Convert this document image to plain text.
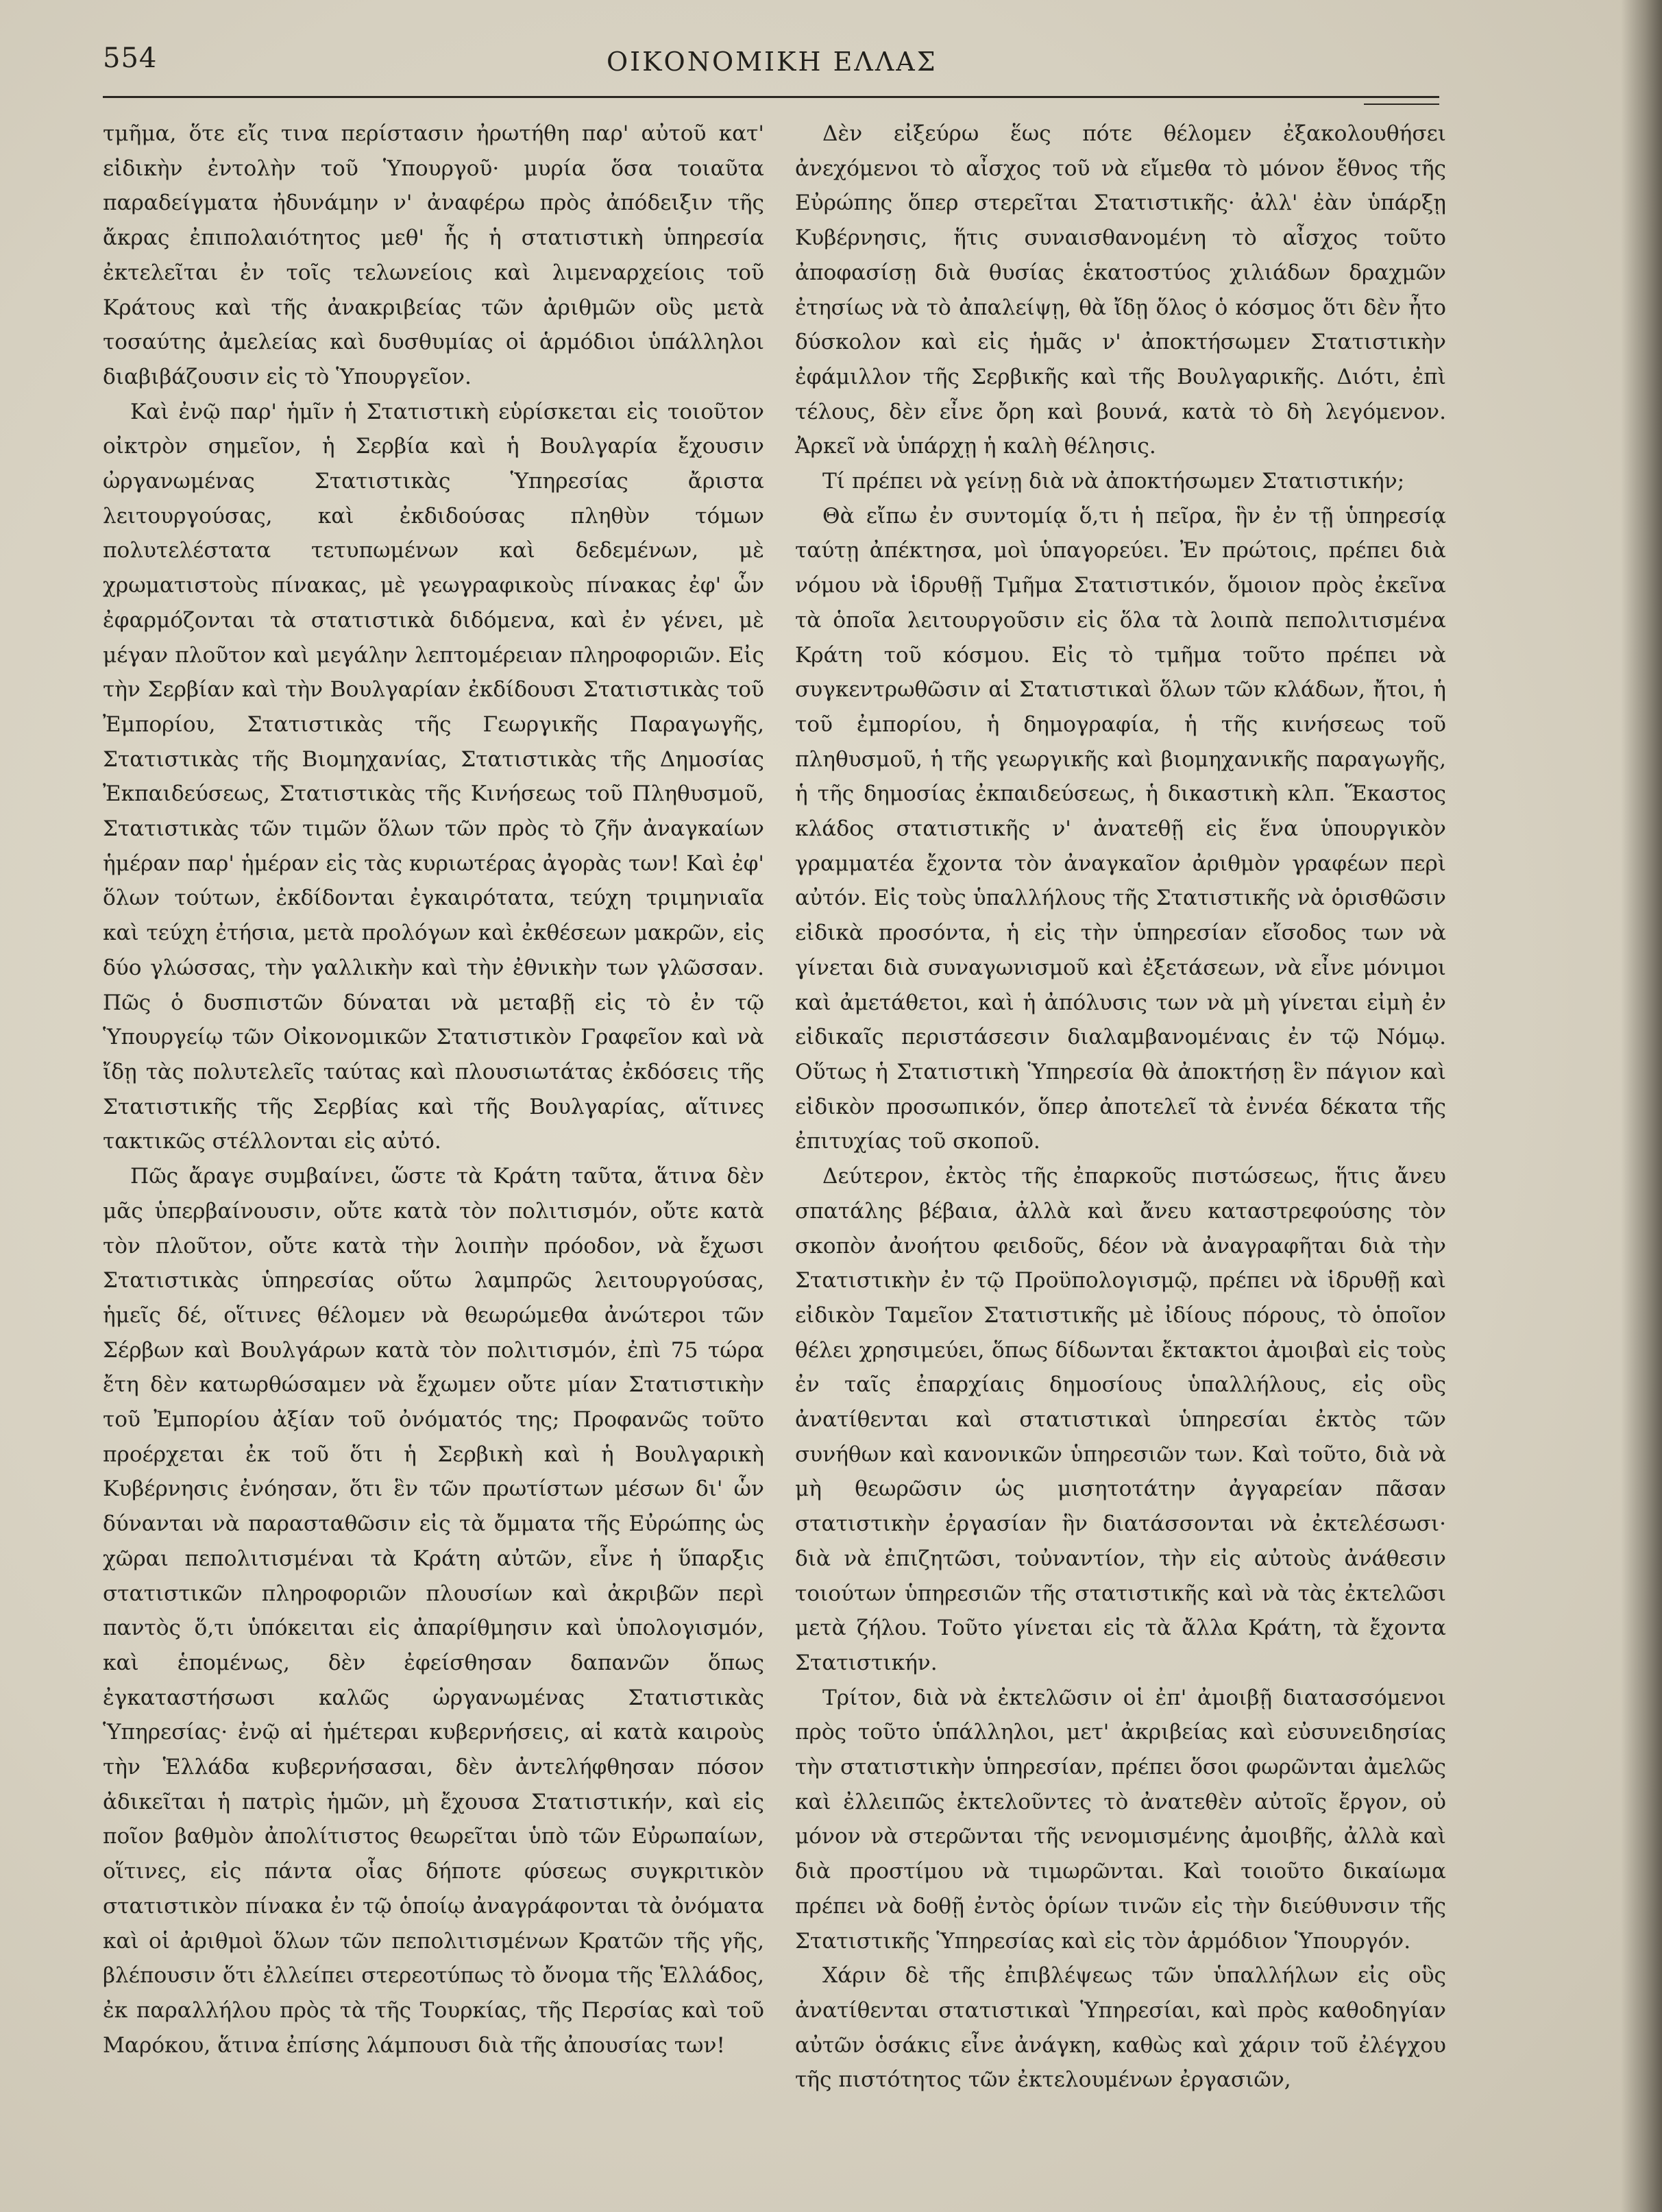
554	ΟΙΚΟΝΟΜΙΚΗ ΕΛΛΑΣ

τμῆμα, ὅτε εἴς τινα περίστασιν ἠρωτήθη παρ' αὐτοῦ κατ' εἰδικὴν ἐντολὴν τοῦ Ὑπουργοῦ· μυρία ὅσα τοιαῦτα παραδείγματα ἠδυνάμην ν' ἀναφέρω πρὸς ἀπόδειξιν τῆς ἄκρας ἐπιπολαιότητος μεθ' ἧς ἡ στατιστικὴ ὑπηρεσία ἐκτελεῖται ἐν τοῖς τελωνείοις καὶ λιμεναρχείοις τοῦ Κράτους καὶ τῆς ἀνακριβείας τῶν ἀριθμῶν οὓς μετὰ τοσαύτης ἀμελείας καὶ δυσθυμίας οἱ ἁρμόδιοι ὑπάλληλοι διαβιβάζουσιν εἰς τὸ Ὑπουργεῖον.

Καὶ ἐνῷ παρ' ἡμῖν ἡ Στατιστικὴ εὑρίσκεται εἰς τοιοῦτον οἰκτρὸν σημεῖον, ἡ Σερβία καὶ ἡ Βουλγαρία ἔχουσιν ὠργανωμένας Στατιστικὰς Ὑπηρεσίας ἄριστα λειτουργούσας, καὶ ἐκδιδούσας πληθὺν τόμων πολυτελέστατα τετυπωμένων καὶ δεδεμένων, μὲ χρωματιστοὺς πίνακας, μὲ γεωγραφικοὺς πίνακας ἐφ' ὧν ἐφαρμόζονται τὰ στατιστικὰ διδόμενα, καὶ ἐν γένει, μὲ μέγαν πλοῦτον καὶ μεγάλην λεπτομέρειαν πληροφοριῶν. Εἰς τὴν Σερβίαν καὶ τὴν Βουλγαρίαν ἐκδίδουσι Στατιστικὰς τοῦ Ἐμπορίου, Στατιστικὰς τῆς Γεωργικῆς Παραγωγῆς, Στατιστικὰς τῆς Βιομηχανίας, Στατιστικὰς τῆς Δημοσίας Ἐκπαιδεύσεως, Στατιστικὰς τῆς Κινήσεως τοῦ Πληθυσμοῦ, Στατιστικὰς τῶν τιμῶν ὅλων τῶν πρὸς τὸ ζῆν ἀναγκαίων ἡμέραν παρ' ἡμέραν εἰς τὰς κυριωτέρας ἀγορὰς των! Καὶ ἐφ' ὅλων τούτων, ἐκδίδονται ἐγκαιρότατα, τεύχη τριμηνιαῖα καὶ τεύχη ἐτήσια, μετὰ προλόγων καὶ ἐκθέσεων μακρῶν, εἰς δύο γλώσσας, τὴν γαλλικὴν καὶ τὴν ἐθνικὴν των γλῶσσαν. Πῶς ὁ δυσπιστῶν δύναται νὰ μεταβῇ εἰς τὸ ἐν τῷ Ὑπουργείῳ τῶν Οἰκονομικῶν Στατιστικὸν Γραφεῖον καὶ νὰ ἴδῃ τὰς πολυτελεῖς ταύτας καὶ πλουσιωτάτας ἐκδόσεις τῆς Στατιστικῆς τῆς Σερβίας καὶ τῆς Βουλγαρίας, αἵτινες τακτικῶς στέλλονται εἰς αὐτό.

Πῶς ἄραγε συμβαίνει, ὥστε τὰ Κράτη ταῦτα, ἅτινα δὲν μᾶς ὑπερβαίνουσιν, οὔτε κατὰ τὸν πολιτισμόν, οὔτε κατὰ τὸν πλοῦτον, οὔτε κατὰ τὴν λοιπὴν πρόοδον, νὰ ἔχωσι Στατιστικὰς ὑπηρεσίας οὕτω λαμπρῶς λειτουργούσας, ἡμεῖς δέ, οἵτινες θέλομεν νὰ θεωρώμεθα ἀνώτεροι τῶν Σέρβων καὶ Βουλγάρων κατὰ τὸν πολιτισμόν, ἐπὶ 75 τώρα ἔτη δὲν κατωρθώσαμεν νὰ ἔχωμεν οὔτε μίαν Στατιστικὴν τοῦ Ἐμπορίου ἀξίαν τοῦ ὀνόματός της; Προφανῶς τοῦτο προέρχεται ἐκ τοῦ ὅτι ἡ Σερβικὴ καὶ ἡ Βουλγαρικὴ Κυβέρνησις ἐνόησαν, ὅτι ἓν τῶν πρωτίστων μέσων δι' ὧν δύνανται νὰ παρασταθῶσιν εἰς τὰ ὄμματα τῆς Εὐρώπης ὡς χῶραι πεπολιτισμέναι τὰ Κράτη αὐτῶν, εἶνε ἡ ὕπαρξις στατιστικῶν πληροφοριῶν πλουσίων καὶ ἀκριβῶν περὶ παντὸς ὅ,τι ὑπόκειται εἰς ἀπαρίθμησιν καὶ ὑπολογισμόν, καὶ ἑπομένως, δὲν ἐφείσθησαν δαπανῶν ὅπως ἐγκαταστήσωσι καλῶς ὠργανωμένας Στατιστικὰς Ὑπηρεσίας· ἐνῷ αἱ ἡμέτεραι κυβερνήσεις, αἱ κατὰ καιροὺς τὴν Ἑλλάδα κυβερνήσασαι, δὲν ἀντελήφθησαν πόσον ἀδικεῖται ἡ πατρὶς ἡμῶν, μὴ ἔχουσα Στατιστικήν, καὶ εἰς ποῖον βαθμὸν ἀπολίτιστος θεωρεῖται ὑπὸ τῶν Εὐρωπαίων, οἵτινες, εἰς πάντα οἷας δήποτε φύσεως συγκριτικὸν στατιστικὸν πίνακα ἐν τῷ ὁποίῳ ἀναγράφονται τὰ ὀνόματα καὶ οἱ ἀριθμοὶ ὅλων τῶν πεπολιτισμένων Κρατῶν τῆς γῆς, βλέπουσιν ὅτι ἐλλείπει στερεοτύπως τὸ ὄνομα τῆς Ἑλλάδος, ἐκ παραλλήλου πρὸς τὰ τῆς Τουρκίας, τῆς Περσίας καὶ τοῦ Μαρόκου, ἅτινα ἐπίσης λάμπουσι διὰ τῆς ἀπουσίας των!

Δὲν εἰξεύρω ἕως πότε θέλομεν ἐξακολουθήσει ἀνεχόμενοι τὸ αἶσχος τοῦ νὰ εἴμεθα τὸ μόνον ἔθνος τῆς Εὐρώπης ὅπερ στερεῖται Στατιστικῆς· ἀλλ' ἐὰν ὑπάρξῃ Κυβέρνησις, ἥτις συναισθανομένη τὸ αἶσχος τοῦτο ἀποφασίσῃ διὰ θυσίας ἑκατοστύος χιλιάδων δραχμῶν ἐτησίως νὰ τὸ ἀπαλείψῃ, θὰ ἴδῃ ὅλος ὁ κόσμος ὅτι δὲν ἦτο δύσκολον καὶ εἰς ἡμᾶς ν' ἀποκτήσωμεν Στατιστικὴν ἐφάμιλλον τῆς Σερβικῆς καὶ τῆς Βουλγαρικῆς. Διότι, ἐπὶ τέλους, δὲν εἶνε ὄρη καὶ βουνά, κατὰ τὸ δὴ λεγόμενον. Ἀρκεῖ νὰ ὑπάρχῃ ἡ καλὴ θέλησις.

Τί πρέπει νὰ γείνῃ διὰ νὰ ἀποκτήσωμεν Στατιστικήν;

Θὰ εἴπω ἐν συντομίᾳ ὅ,τι ἡ πεῖρα, ἣν ἐν τῇ ὑπηρεσίᾳ ταύτῃ ἀπέκτησα, μοὶ ὑπαγορεύει. Ἐν πρώτοις, πρέπει διὰ νόμου νὰ ἱδρυθῇ Τμῆμα Στατιστικόν, ὅμοιον πρὸς ἐκεῖνα τὰ ὁποῖα λειτουργοῦσιν εἰς ὅλα τὰ λοιπὰ πεπολιτισμένα Κράτη τοῦ κόσμου. Εἰς τὸ τμῆμα τοῦτο πρέπει νὰ συγκεντρωθῶσιν αἱ Στατιστικαὶ ὅλων τῶν κλάδων, ἤτοι, ἡ τοῦ ἐμπορίου, ἡ δημογραφία, ἡ τῆς κινήσεως τοῦ πληθυσμοῦ, ἡ τῆς γεωργικῆς καὶ βιομηχανικῆς παραγωγῆς, ἡ τῆς δημοσίας ἐκπαιδεύσεως, ἡ δικαστικὴ κλπ. Ἕκαστος κλάδος στατιστικῆς ν' ἀνατεθῇ εἰς ἕνα ὑπουργικὸν γραμματέα ἔχοντα τὸν ἀναγκαῖον ἀριθμὸν γραφέων περὶ αὐτόν. Εἰς τοὺς ὑπαλλήλους τῆς Στατιστικῆς νὰ ὁρισθῶσιν εἰδικὰ προσόντα, ἡ εἰς τὴν ὑπηρεσίαν εἴσοδος των νὰ γίνεται διὰ συναγωνισμοῦ καὶ ἐξετάσεων, νὰ εἶνε μόνιμοι καὶ ἀμετάθετοι, καὶ ἡ ἀπόλυσις των νὰ μὴ γίνεται εἰμὴ ἐν εἰδικαῖς περιστάσεσιν διαλαμβανομέναις ἐν τῷ Νόμῳ. Οὕτως ἡ Στατιστικὴ Ὑπηρεσία θὰ ἀποκτήσῃ ἓν πάγιον καὶ εἰδικὸν προσωπικόν, ὅπερ ἀποτελεῖ τὰ ἐννέα δέκατα τῆς ἐπιτυχίας τοῦ σκοποῦ.

Δεύτερον, ἐκτὸς τῆς ἐπαρκοῦς πιστώσεως, ἥτις ἄνευ σπατάλης βέβαια, ἀλλὰ καὶ ἄνευ καταστρεφούσης τὸν σκοπὸν ἀνοήτου φειδοῦς, δέον νὰ ἀναγραφῆται διὰ τὴν Στατιστικὴν ἐν τῷ Προϋπολογισμῷ, πρέπει νὰ ἱδρυθῇ καὶ εἰδικὸν Ταμεῖον Στατιστικῆς μὲ ἰδίους πόρους, τὸ ὁποῖον θέλει χρησιμεύει, ὅπως δίδωνται ἔκτακτοι ἀμοιβαὶ εἰς τοὺς ἐν ταῖς ἐπαρχίαις δημοσίους ὑπαλλήλους, εἰς οὓς ἀνατίθενται καὶ στατιστικαὶ ὑπηρεσίαι ἐκτὸς τῶν συνήθων καὶ κανονικῶν ὑπηρεσιῶν των. Καὶ τοῦτο, διὰ νὰ μὴ θεωρῶσιν ὡς μισητοτάτην ἀγγαρείαν πᾶσαν στατιστικὴν ἐργασίαν ἣν διατάσσονται νὰ ἐκτελέσωσι· διὰ νὰ ἐπιζητῶσι, τοὐναντίον, τὴν εἰς αὐτοὺς ἀνάθεσιν τοιούτων ὑπηρεσιῶν τῆς στατιστικῆς καὶ νὰ τὰς ἐκτελῶσι μετὰ ζήλου. Τοῦτο γίνεται εἰς τὰ ἄλλα Κράτη, τὰ ἔχοντα Στατιστικήν.

Τρίτον, διὰ νὰ ἐκτελῶσιν οἱ ἐπ' ἀμοιβῇ διατασσόμενοι πρὸς τοῦτο ὑπάλληλοι, μετ' ἀκριβείας καὶ εὐσυνειδησίας τὴν στατιστικὴν ὑπηρεσίαν, πρέπει ὅσοι φωρῶνται ἀμελῶς καὶ ἐλλειπῶς ἐκτελοῦντες τὸ ἀνατεθὲν αὐτοῖς ἔργον, οὐ μόνον νὰ στερῶνται τῆς νενομισμένης ἀμοιβῆς, ἀλλὰ καὶ διὰ προστίμου νὰ τιμωρῶνται. Καὶ τοιοῦτο δικαίωμα πρέπει νὰ δοθῇ ἐντὸς ὁρίων τινῶν εἰς τὴν διεύθυνσιν τῆς Στατιστικῆς Ὑπηρεσίας καὶ εἰς τὸν ἁρμόδιον Ὑπουργόν.

Χάριν δὲ τῆς ἐπιβλέψεως τῶν ὑπαλλήλων εἰς οὓς ἀνατίθενται στατιστικαὶ Ὑπηρεσίαι, καὶ πρὸς καθοδηγίαν αὐτῶν ὁσάκις εἶνε ἀνάγκη, καθὼς καὶ χάριν τοῦ ἐλέγχου τῆς πιστότητος τῶν ἐκτελουμένων ἐργασιῶν,
